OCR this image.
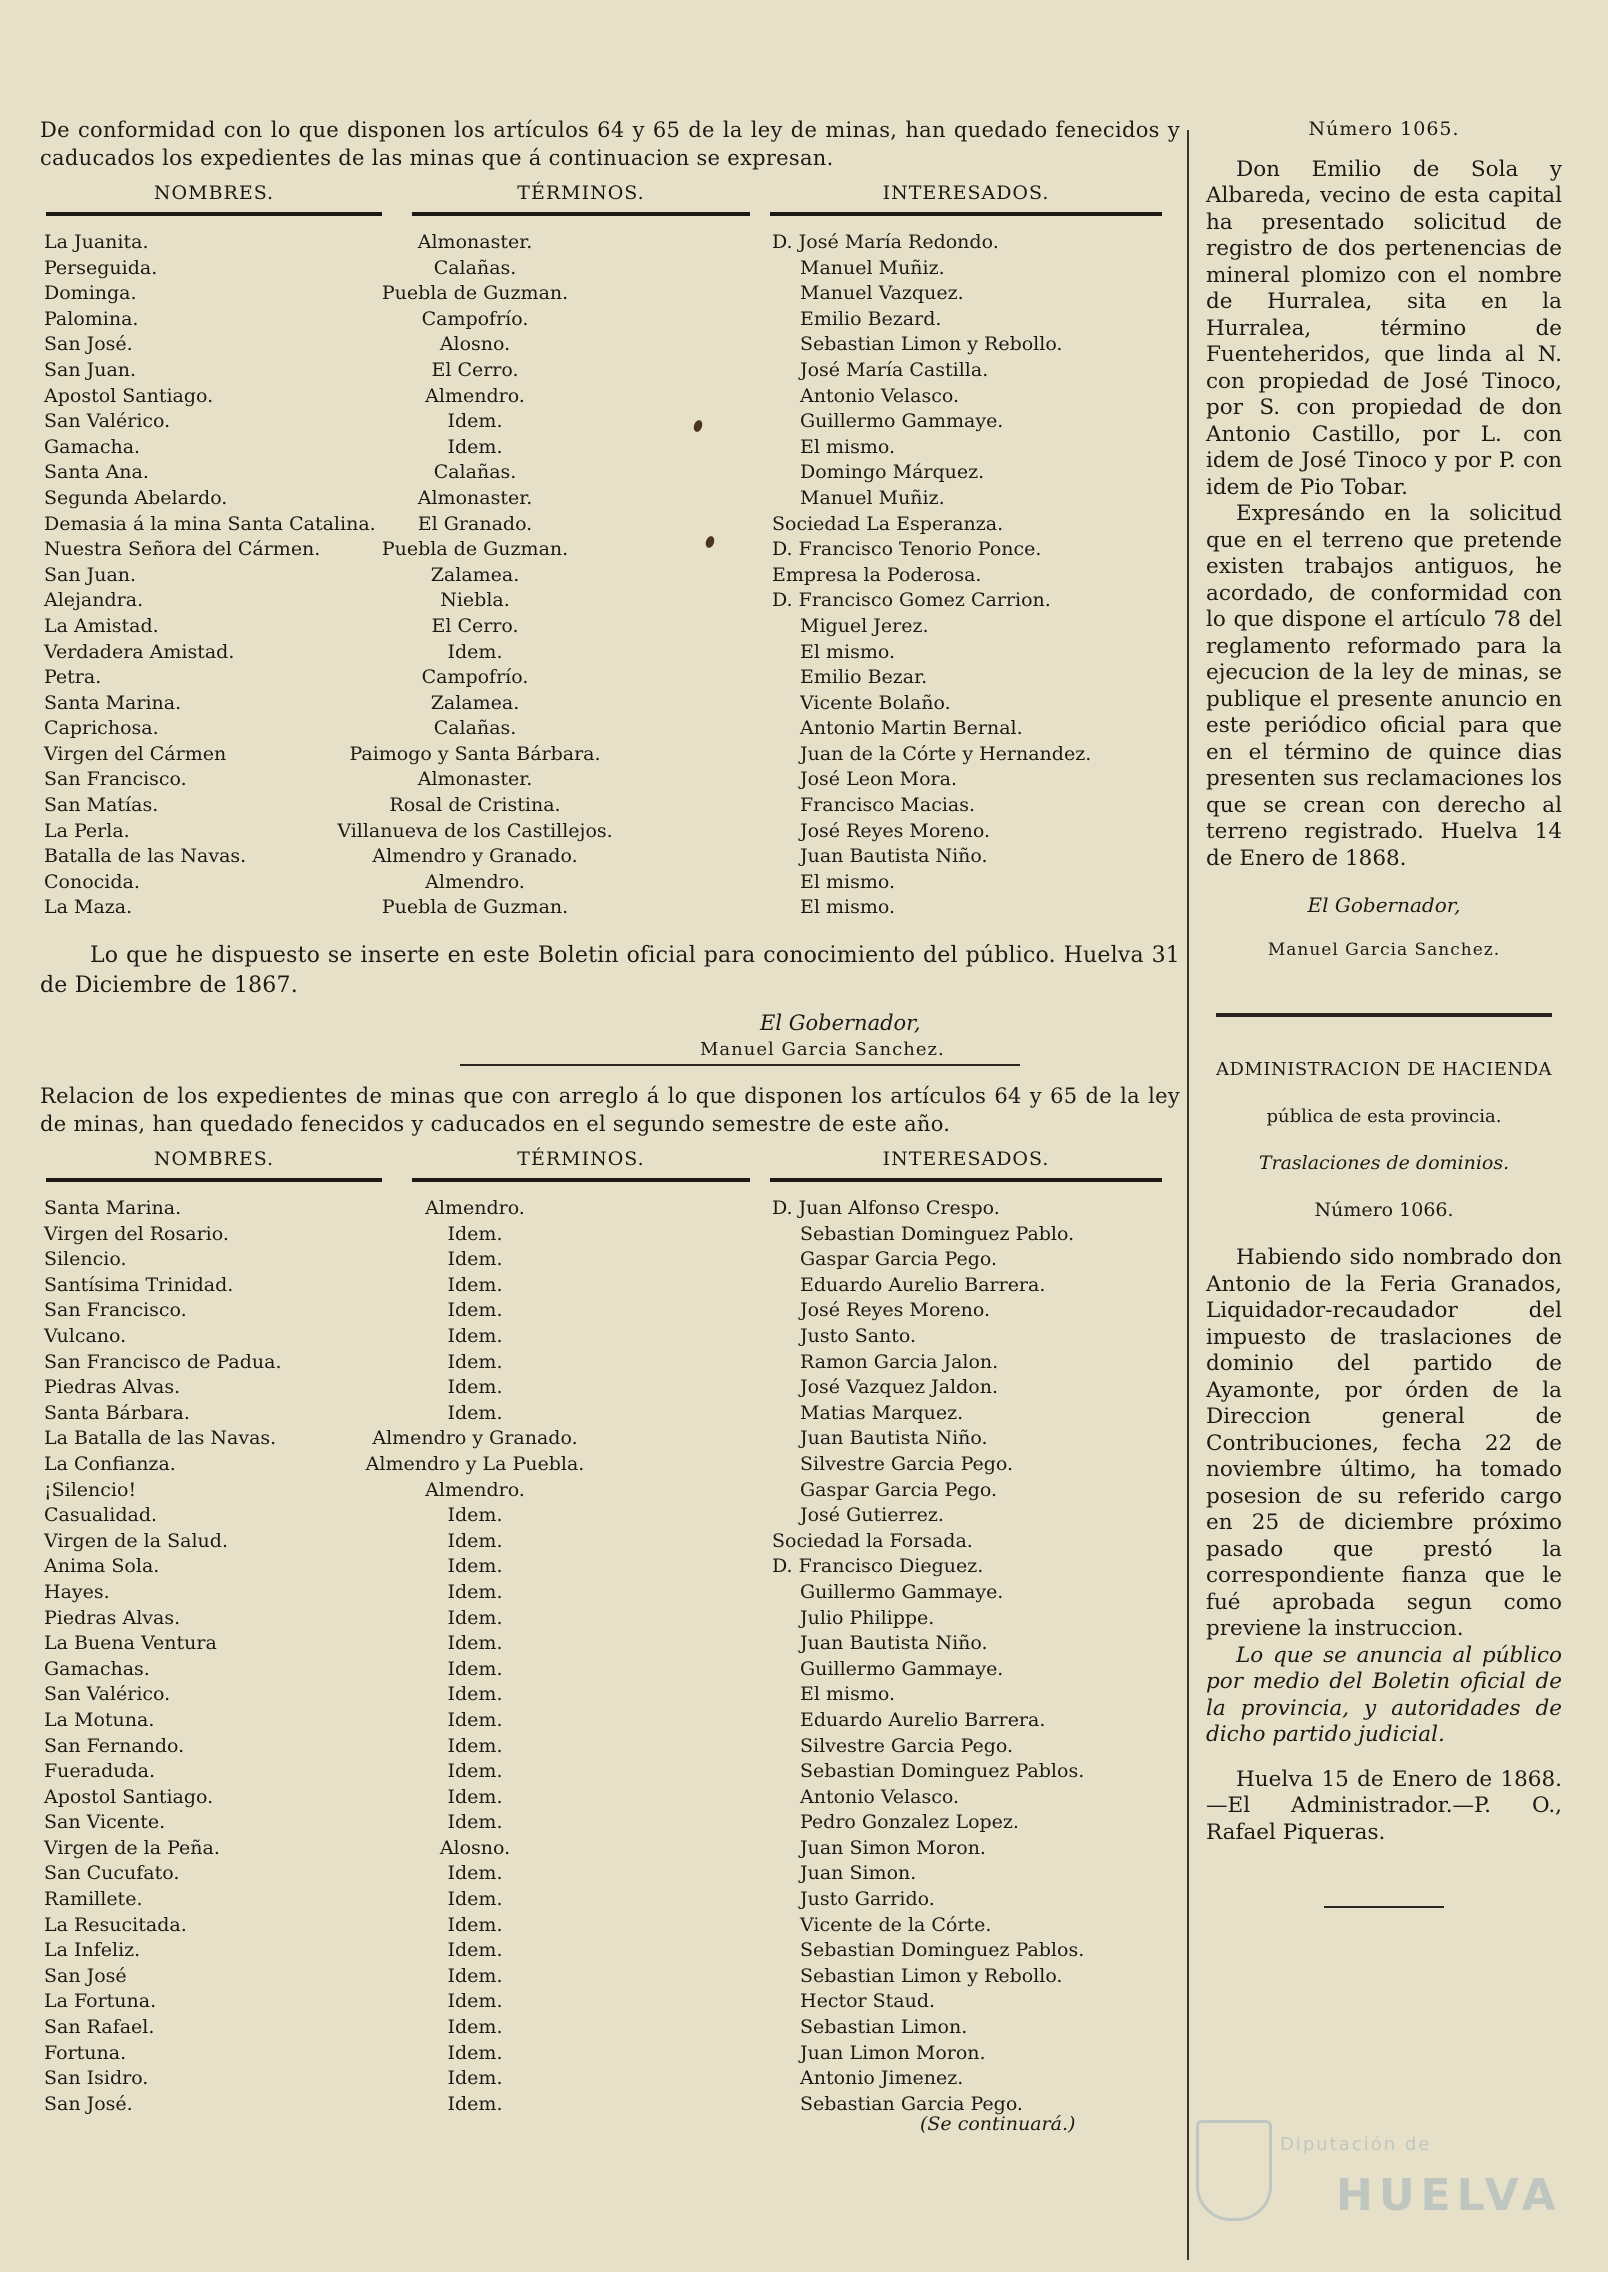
De conformidad con lo que disponen los artículos 64 y 65 de la ley de minas, han quedado fenecidos y caducados los expedientes de las minas que á continuacion se expresan.

NOMBRES.	TÉRMINOS.	INTERESADOS.
La Juanita.	Almonaster.	D. José María Redondo.
Perseguida.	Calañas.	Manuel Muñiz.
Dominga.	Puebla de Guzman.	Manuel Vazquez.
Palomina.	Campofrío.	Emilio Bezard.
San José.	Alosno.	Sebastian Limon y Rebollo.
San Juan.	El Cerro.	José María Castilla.
Apostol Santiago.	Almendro.	Antonio Velasco.
San Valérico.	Idem.	Guillermo Gammaye.
Gamacha.	Idem.	El mismo.
Santa Ana.	Calañas.	Domingo Márquez.
Segunda Abelardo.	Almonaster.	Manuel Muñiz.
Demasia á la mina Santa Catalina.	El Granado.	Sociedad La Esperanza.
Nuestra Señora del Cármen.	Puebla de Guzman.	D. Francisco Tenorio Ponce.
San Juan.	Zalamea.	Empresa la Poderosa.
Alejandra.	Niebla.	D. Francisco Gomez Carrion.
La Amistad.	El Cerro.	Miguel Jerez.
Verdadera Amistad.	Idem.	El mismo.
Petra.	Campofrío.	Emilio Bezar.
Santa Marina.	Zalamea.	Vicente Bolaño.
Caprichosa.	Calañas.	Antonio Martin Bernal.
Virgen del Cármen	Paimogo y Santa Bárbara.	Juan de la Córte y Hernandez.
San Francisco.	Almonaster.	José Leon Mora.
San Matías.	Rosal de Cristina.	Francisco Macias.
La Perla.	Villanueva de los Castillejos.	José Reyes Moreno.
Batalla de las Navas.	Almendro y Granado.	Juan Bautista Niño.
Conocida.	Almendro.	El mismo.
La Maza.	Puebla de Guzman.	El mismo.

Lo que he dispuesto se inserte en este Boletin oficial para conocimiento del público. Huelva 31 de Diciembre de 1867.

El Gobernador,
Manuel Garcia Sanchez.

Relacion de los expedientes de minas que con arreglo á lo que disponen los artículos 64 y 65 de la ley de minas, han quedado fenecidos y caducados en el segundo semestre de este año.

NOMBRES.	TÉRMINOS.	INTERESADOS.
Santa Marina.	Almendro.	D. Juan Alfonso Crespo.
Virgen del Rosario.	Idem.	Sebastian Dominguez Pablo.
Silencio.	Idem.	Gaspar Garcia Pego.
Santísima Trinidad.	Idem.	Eduardo Aurelio Barrera.
San Francisco.	Idem.	José Reyes Moreno.
Vulcano.	Idem.	Justo Santo.
San Francisco de Padua.	Idem.	Ramon Garcia Jalon.
Piedras Alvas.	Idem.	José Vazquez Jaldon.
Santa Bárbara.	Idem.	Matias Marquez.
La Batalla de las Navas.	Almendro y Granado.	Juan Bautista Niño.
La Confianza.	Almendro y La Puebla.	Silvestre Garcia Pego.
¡Silencio!	Almendro.	Gaspar Garcia Pego.
Casualidad.	Idem.	José Gutierrez.
Virgen de la Salud.	Idem.	Sociedad la Forsada.
Anima Sola.	Idem.	D. Francisco Dieguez.
Hayes.	Idem.	Guillermo Gammaye.
Piedras Alvas.	Idem.	Julio Philippe.
La Buena Ventura	Idem.	Juan Bautista Niño.
Gamachas.	Idem.	Guillermo Gammaye.
San Valérico.	Idem.	El mismo.
La Motuna.	Idem.	Eduardo Aurelio Barrera.
San Fernando.	Idem.	Silvestre Garcia Pego.
Fueraduda.	Idem.	Sebastian Dominguez Pablos.
Apostol Santiago.	Idem.	Antonio Velasco.
San Vicente.	Idem.	Pedro Gonzalez Lopez.
Virgen de la Peña.	Alosno.	Juan Simon Moron.
San Cucufato.	Idem.	Juan Simon.
Ramillete.	Idem.	Justo Garrido.
La Resucitada.	Idem.	Vicente de la Córte.
La Infeliz.	Idem.	Sebastian Dominguez Pablos.
San José	Idem.	Sebastian Limon y Rebollo.
La Fortuna.	Idem.	Hector Staud.
San Rafael.	Idem.	Sebastian Limon.
Fortuna.	Idem.	Juan Limon Moron.
San Isidro.	Idem.	Antonio Jimenez.
San José.	Idem.	Sebastian Garcia Pego.
(Se continuará.)

Número 1065.

Don Emilio de Sola y Albareda, vecino de esta capital ha presentado solicitud de registro de dos pertenencias de mineral plomizo con el nombre de Hurralea, sita en la Hurralea, término de Fuenteheridos, que linda al N. con propiedad de José Tinoco, por S. con propiedad de don Antonio Castillo, por L. con idem de José Tinoco y por P. con idem de Pio Tobar.

Expresándo en la solicitud que en el terreno que pretende existen trabajos antiguos, he acordado, de conformidad con lo que dispone el artículo 78 del reglamento reformado para la ejecucion de la ley de minas, se publique el presente anuncio en este periódico oficial para que en el término de quince dias presenten sus reclamaciones los que se crean con derecho al terreno registrado. Huelva 14 de Enero de 1868.

El Gobernador,

Manuel Garcia Sanchez.

ADMINISTRACION DE HACIENDA

pública de esta provincia.

Traslaciones de dominios.

Número 1066.

Habiendo sido nombrado don Antonio de la Feria Granados, Liquidador-recaudador del impuesto de traslaciones de dominio del partido de Ayamonte, por órden de la Direccion general de Contribuciones, fecha 22 de noviembre último, ha tomado posesion de su referido cargo en 25 de diciembre próximo pasado que prestó la correspondiente fianza que le fué aprobada segun como previene la instruccion.

Lo que se anuncia al público por medio del Boletin oficial de la provincia, y autoridades de dicho partido judicial.

Huelva 15 de Enero de 1868.—El Administrador.—P. O., Rafael Piqueras.

Diputación de
HUELVA
